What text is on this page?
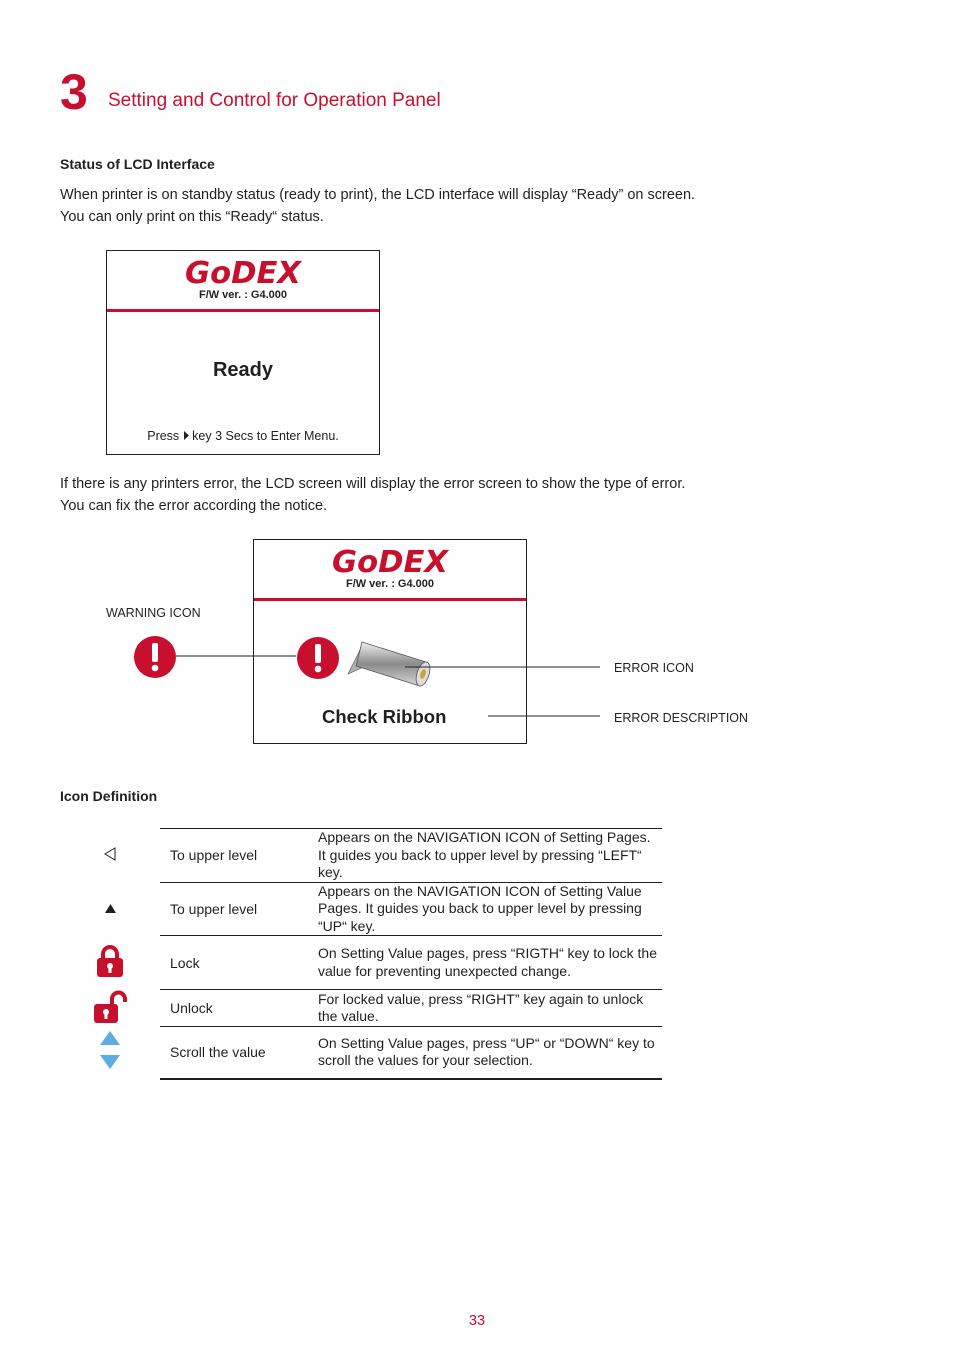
3 Setting and Control for Operation Panel
Status of LCD Interface
When printer is on standby status (ready to print), the LCD interface will display “Ready” on screen.
You can only print on this “Ready“ status.
GoDEX
F/W ver. : G4.000
Ready
Press key 3 Secs to Enter Menu.
If there is any printers error, the LCD screen will display the error screen to show the type of error.
You can fix the error according the notice.
GoDEX
F/W ver. : G4.000
Check Ribbon
WARNING ICON
ERROR ICON
ERROR DESCRIPTION
Icon Definition
	To upper level	Appears on the NAVIGATION ICON of Setting Pages. It guides you back to upper level by pressing “LEFT“ key.
	To upper level	Appears on the NAVIGATION ICON of Setting Value Pages. It guides you back to upper level by pressing “UP“ key.
	Lock	On Setting Value pages, press “RIGTH“ key to lock the value for preventing unexpected change.
	Unlock	For locked value, press “RIGHT” key again to unlock the value.
	Scroll the value	On Setting Value pages, press “UP“ or “DOWN“ key to scroll the values for your selection.
33
